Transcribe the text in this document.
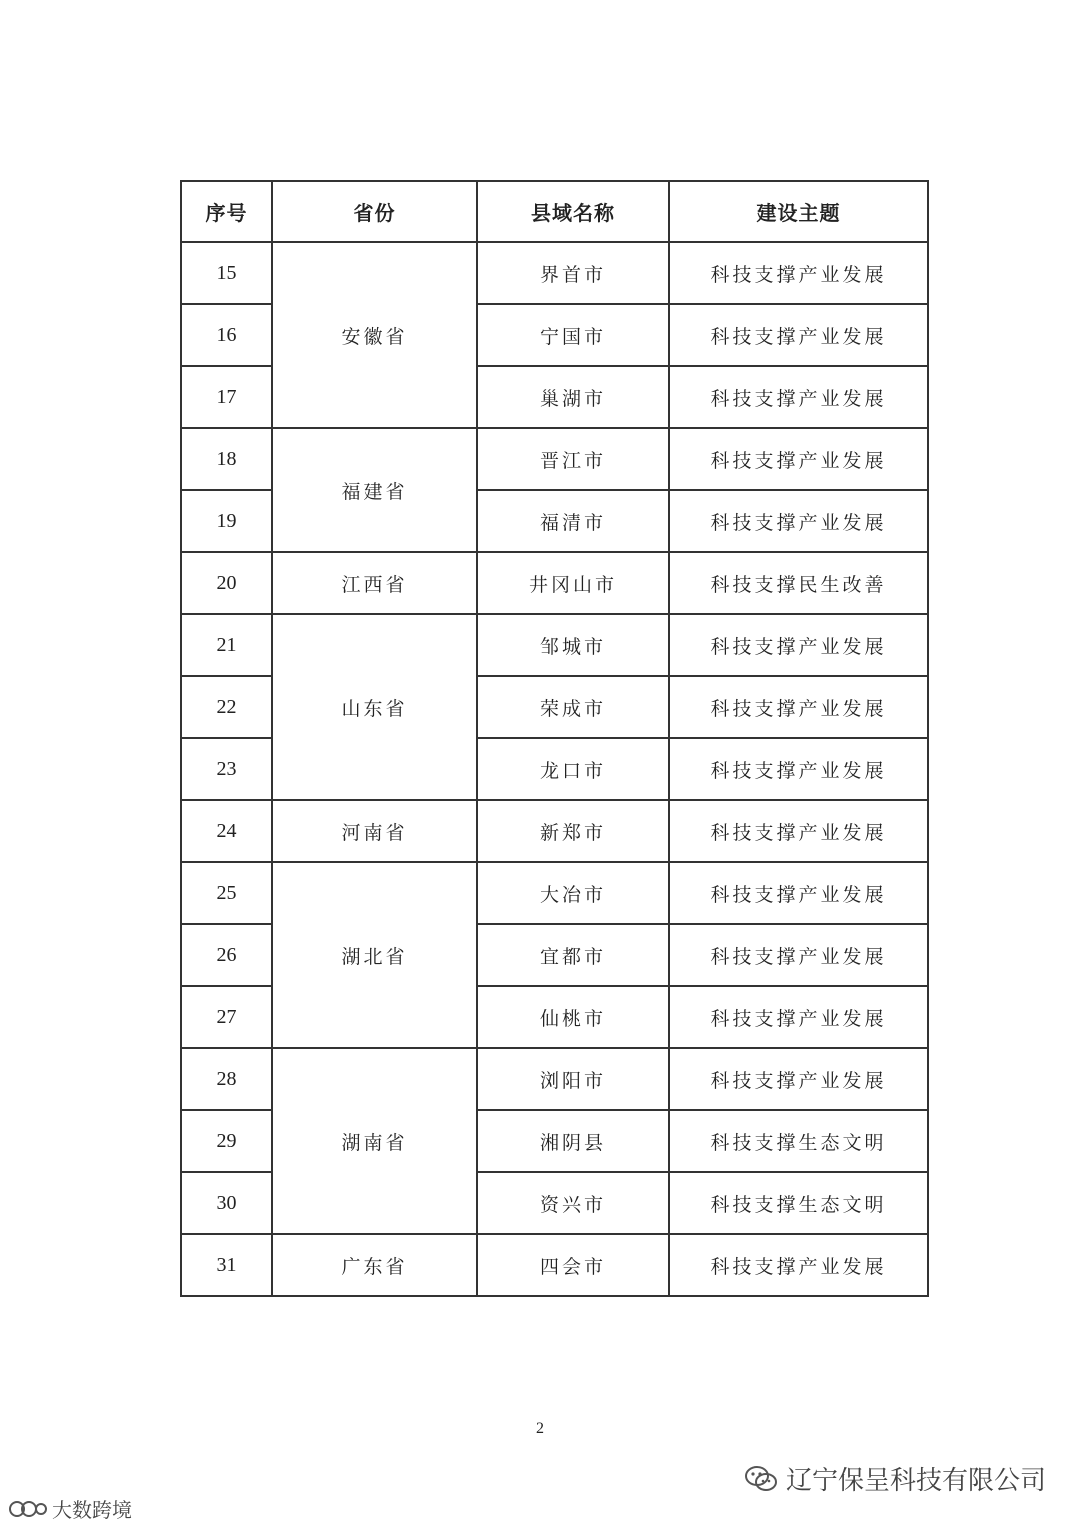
序号	省份	县域名称	建设主题
15	安徽省	界首市	科技支撑产业发展
16		宁国市	科技支撑产业发展
17		巢湖市	科技支撑产业发展
18	福建省	晋江市	科技支撑产业发展
19		福清市	科技支撑产业发展
20	江西省	井冈山市	科技支撑民生改善
21	山东省	邹城市	科技支撑产业发展
22		荣成市	科技支撑产业发展
23		龙口市	科技支撑产业发展
24	河南省	新郑市	科技支撑产业发展
25	湖北省	大冶市	科技支撑产业发展
26		宜都市	科技支撑产业发展
27		仙桃市	科技支撑产业发展
28	湖南省	浏阳市	科技支撑产业发展
29		湘阴县	科技支撑生态文明
30		资兴市	科技支撑生态文明
31	广东省	四会市	科技支撑产业发展
2
辽宁保呈科技有限公司
大数跨境
